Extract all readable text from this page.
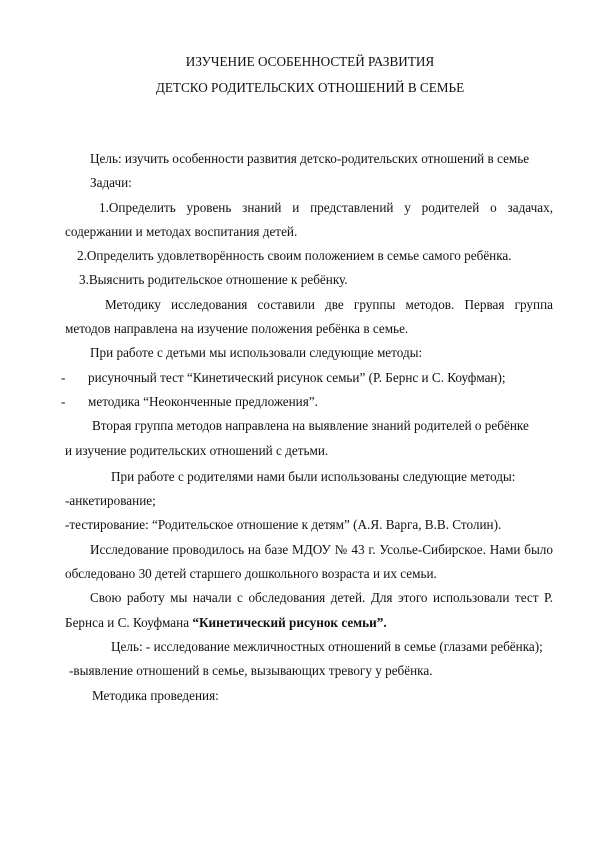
ИЗУЧЕНИЕ ОСОБЕННОСТЕЙ РАЗВИТИЯ
ДЕТСКО РОДИТЕЛЬСКИХ ОТНОШЕНИЙ В СЕМЬЕ

Цель: изучить особенности развития детско-родительских отношений в семье

Задачи:

1.Определить уровень знаний и представлений у родителей о задачах, содержании и методах воспитания детей.

2.Определить удовлетворённость своим положением в семье самого ребёнка.

3.Выяснить родительское отношение к ребёнку.

Методику исследования составили две группы методов. Первая группа методов направлена на изучение положения ребёнка в семье.

При работе с детьми мы использовали следующие методы:

-	рисуночный тест “Кинетический рисунок семьи” (Р. Бернс и С. Коуфман);
-	методика “Неоконченные предложения”.

Вторая группа методов направлена на выявление знаний родителей о ребёнке и изучение родительских отношений с детьми.

При работе с родителями нами были использованы следующие методы:

-анкетирование;

-тестирование: “Родительское отношение к детям” (А.Я. Варга, В.В. Столин).

Исследование проводилось на базе МДОУ № 43 г. Усолье-Сибирское. Нами было обследовано 30 детей старшего дошкольного возраста и их семьи.

Свою работу мы начали с обследования детей. Для этого использовали тест Р. Бернса и С. Коуфмана “Кинетический рисунок семьи”.

Цель: - исследование межличностных отношений в семье (глазами ребёнка);

-выявление отношений в семье, вызывающих тревогу у ребёнка.

Методика проведения:
